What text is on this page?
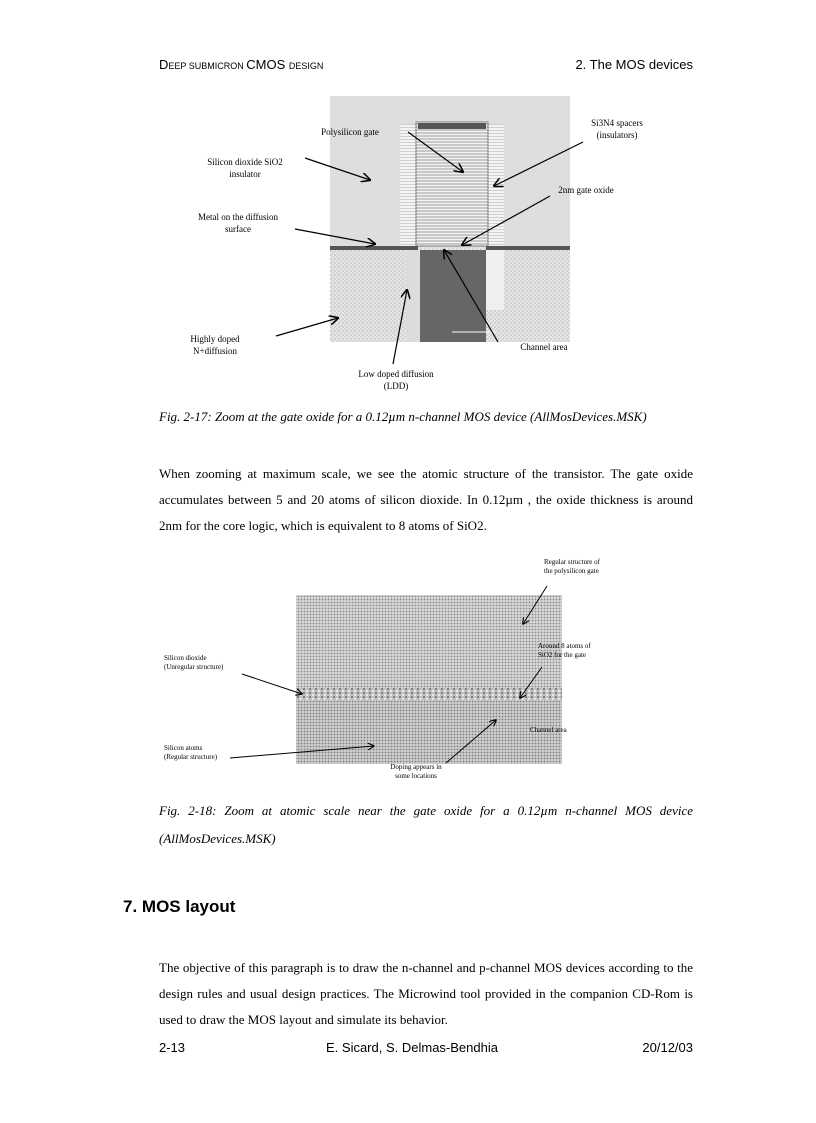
DEEP SUBMICRON CMOS DESIGN	2. The MOS devices
Polysilicon gate
Si3N4 spacers
(insulators)
Silicon dioxide SiO2
insulator
2nm gate oxide
Metal on the diffusion
surface
Highly doped
N+diffusion	Channel area
Low doped diffusion
(LDD)
Fig. 2-17: Zoom at the gate oxide for a 0.12µm n-channel MOS device (AllMosDevices.MSK)
When zooming at maximum scale, we see the atomic structure of the transistor. The gate oxide accumulates between 5 and 20 atoms of silicon dioxide. In 0.12µm , the oxide thickness is around 2nm for the core logic, which is equivalent to 8 atoms of SiO2.
Regular structure of
the polysilicon gate
Around 8 atoms of
SiO2 for the gate
Silicon dioxide
(Unregular structure)
Channel area
Silicon atoms
(Regular structure)
Doping appears in
some locations
Fig. 2-18: Zoom at atomic scale near the gate oxide for a 0.12µm n-channel MOS device (AllMosDevices.MSK)
7. MOS layout
The objective of this paragraph is to draw the n-channel and p-channel MOS devices according to the design rules and usual design practices. The Microwind tool provided in the companion CD-Rom is used to draw the MOS layout and simulate its behavior.
2-13	E. Sicard, S. Delmas-Bendhia	20/12/03
